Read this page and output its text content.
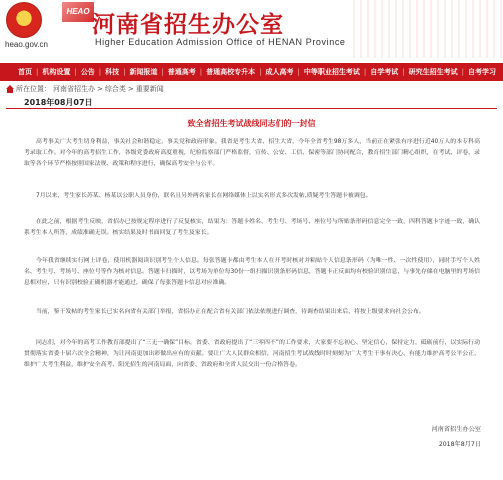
★
heao.gov.cn
HEAO
河南省招生办公室
Higher Education Admission Office of HENAN Province
首页 | 机构设置 | 公告 | 科技 | 新闻报道 | 普通高考 | 普通高校专升本 | 成人高考 | 中等职业招生考试 | 自学考试 | 研究生招生考试 | 自考学习
所在位置： 河南省招生办 > 综合类 > 重要新闻
2018年08月07日
致全省招生考试战线同志们的一封信

高考事关广大考生切身利益，事关社会和谐稳定，事关党和政府形象。我省是考生大省、招生大省，今年全省考生98万多人，当前正在紧张有序进行近40万人的本专科高考录取工作。对今年的高考招生工作，各级党委政府高度重视，纪检监察部门严格监督，宣传、公安、工信、保密等部门协同配合，教育招生部门精心组织，在考试、评卷、录取等各个环节严格按照国家法规、政策和程序进行，确保高考安全与公平。

7月以来，考生家长苏某、杨某以公职人员身份，联名且另外两名家长在网络媒体上以实名形式多次发帖,质疑考生答题卡被调包。

在此之前，根据考生反映，省招办已按规定程序进行了反复核实，结果为：答题卡姓名、考生号、考场号、座位号与所贴条形码信息完全一致，四科答题卡字迹一致，确认系考生本人所答，成绩准确无误。核实结果及时书面回复了考生及家长。

今年我省继续实行网上评卷，使用机器阅读识别考生个人信息。每张答题卡都由考生本人在开考时核对并粘贴个人信息条形码（为唯一性、一次性使用），同时手写个人姓名、考生号、考场号、座位号等作为核对信息。答题卡扫描时，以考场为单位每30份一组扫描识别条形码信息，答题卡正反面均有校验识别信息，与事先存储在电脑里的考场信息相对应，只有识别校验正确机器才能通过，确保了每张答题卡信息对应准确。

当前，鉴于发帖的考生家长已实名向省有关部门举报，省招办正在配合省有关部门依法依规进行调查，待调查结果出来后，将按上级要求向社会公布。

同志们，对今年的高考工作教育部提出了“三无一确保”目标，省委、省政府提出了“三零四不”的工作要求，大家要不忘初心、坚定信心，保持定力，砥砺前行，以实际行动贯彻落实省委十届六次全会精神，为让河南更加出彩做出应有的贡献。要让广大人民群众相信，河南招生考试战线时时刻刻为广大考生干事有决心、有能力维护高考公平公正，维护广大考生利益，维护安全高考、阳光招生的河南局面，向省委、省政府和全省人民交出一份合格答卷。

河南省招生办公室
2018年8月7日
